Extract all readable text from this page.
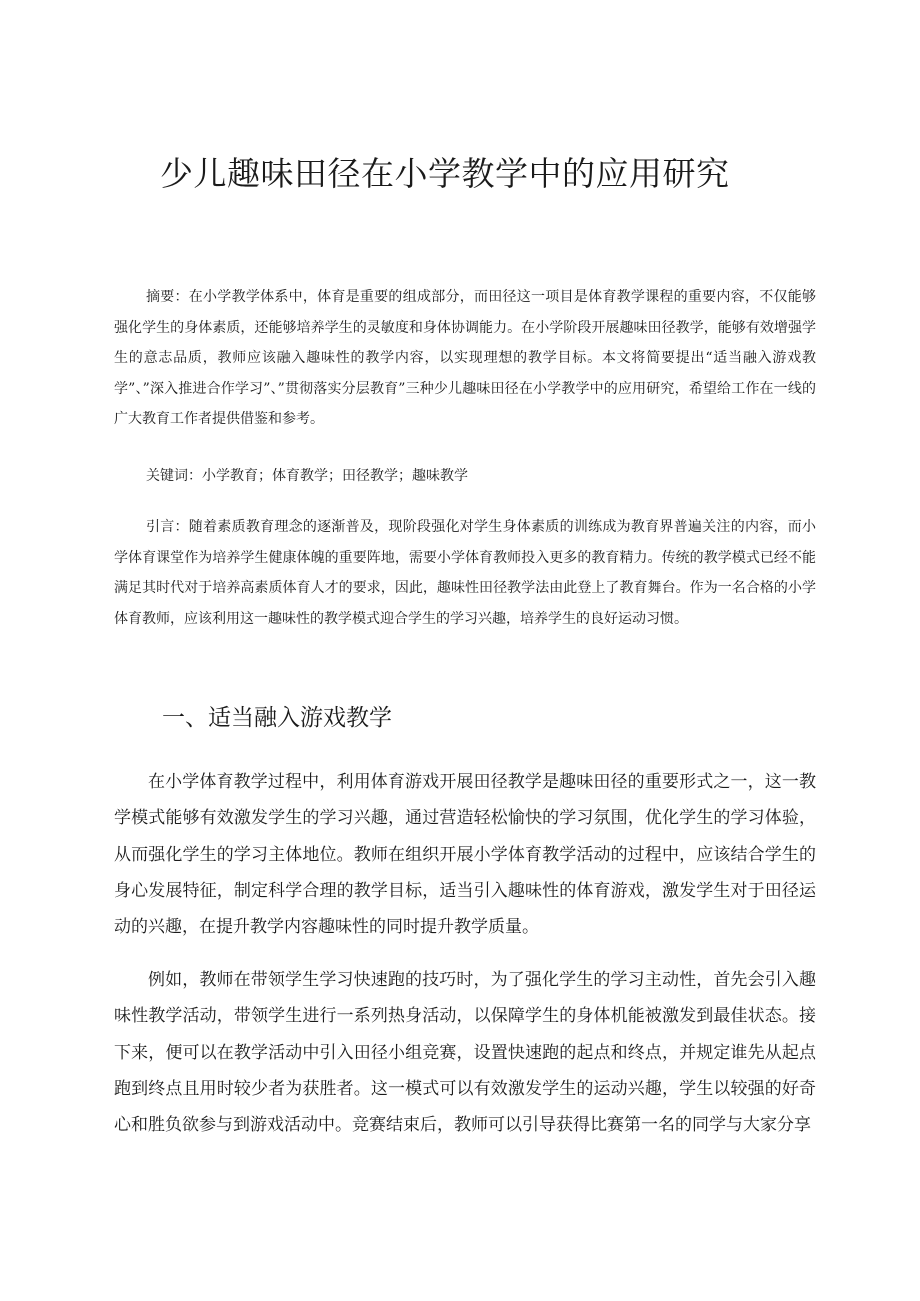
少儿趣味田径在小学教学中的应用研究

摘要：在小学教学体系中，体育是重要的组成部分，而田径这一项目是体育教学课程的重要内容，不仅能够强化学生的身体素质，还能够培养学生的灵敏度和身体协调能力。在小学阶段开展趣味田径教学，能够有效增强学生的意志品质，教师应该融入趣味性的教学内容，以实现理想的教学目标。本文将简要提出“适当融入游戏教学”、”深入推进合作学习”、”贯彻落实分层教育”三种少儿趣味田径在小学教学中的应用研究，希望给工作在一线的广大教育工作者提供借鉴和参考。

关键词：小学教育；体育教学；田径教学；趣味教学

引言：随着素质教育理念的逐渐普及，现阶段强化对学生身体素质的训练成为教育界普遍关注的内容，而小学体育课堂作为培养学生健康体魄的重要阵地，需要小学体育教师投入更多的教育精力。传统的教学模式已经不能满足其时代对于培养高素质体育人才的要求，因此，趣味性田径教学法由此登上了教育舞台。作为一名合格的小学体育教师，应该利用这一趣味性的教学模式迎合学生的学习兴趣，培养学生的良好运动习惯。

一、适当融入游戏教学

在小学体育教学过程中，利用体育游戏开展田径教学是趣味田径的重要形式之一，这一教学模式能够有效激发学生的学习兴趣，通过营造轻松愉快的学习氛围，优化学生的学习体验，从而强化学生的学习主体地位。教师在组织开展小学体育教学活动的过程中，应该结合学生的身心发展特征，制定科学合理的教学目标，适当引入趣味性的体育游戏，激发学生对于田径运动的兴趣，在提升教学内容趣味性的同时提升教学质量。

例如，教师在带领学生学习快速跑的技巧时，为了强化学生的学习主动性，首先会引入趣味性教学活动，带领学生进行一系列热身活动，以保障学生的身体机能被激发到最佳状态。接下来，便可以在教学活动中引入田径小组竞赛，设置快速跑的起点和终点，并规定谁先从起点跑到终点且用时较少者为获胜者。这一模式可以有效激发学生的运动兴趣，学生以较强的好奇心和胜负欲参与到游戏活动中。竞赛结束后，教师可以引导获得比赛第一名的同学与大家分享
